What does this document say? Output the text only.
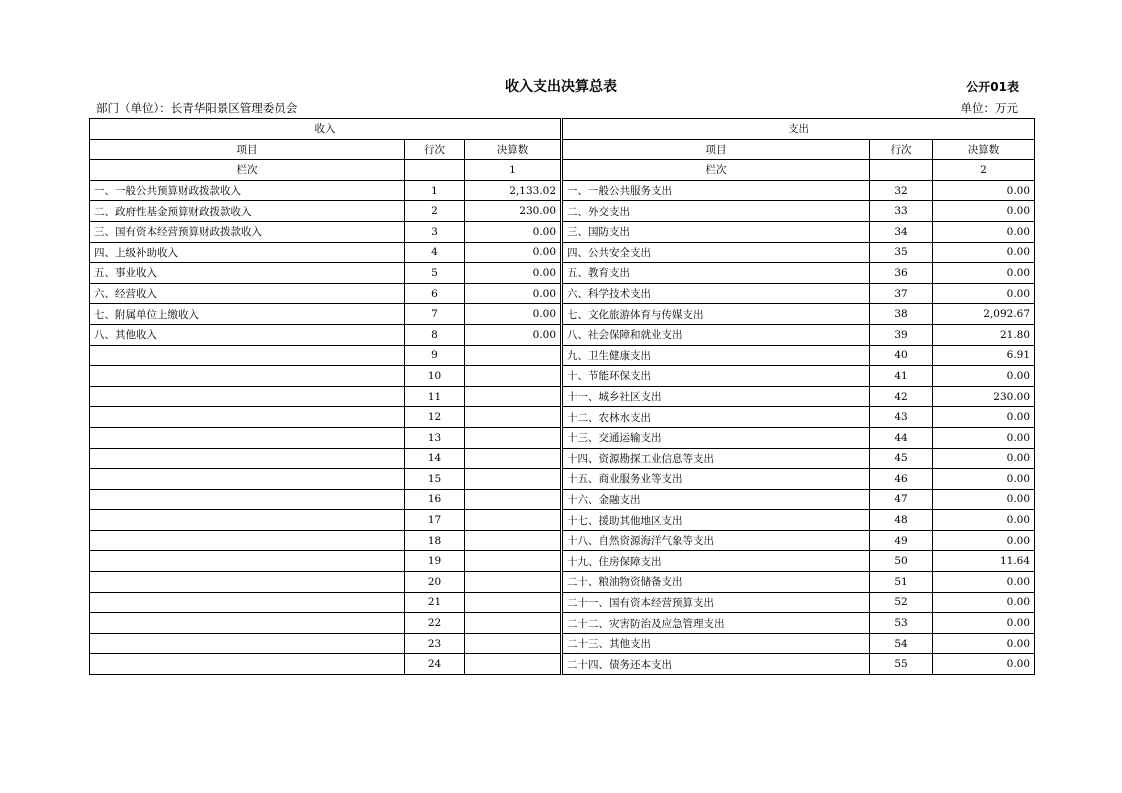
收入支出决算总表	公开01表
部门（单位）：长青华阳景区管理委员会	单位：万元
收入			支出		
项目	行次	决算数	项目	行次	决算数
栏次		1	栏次		2
一、一般公共预算财政拨款收入	1	2,133.02	一、一般公共服务支出	32	0.00
二、政府性基金预算财政拨款收入	2	230.00	二、外交支出	33	0.00
三、国有资本经营预算财政拨款收入	3	0.00	三、国防支出	34	0.00
四、上级补助收入	4	0.00	四、公共安全支出	35	0.00
五、事业收入	5	0.00	五、教育支出	36	0.00
六、经营收入	6	0.00	六、科学技术支出	37	0.00
七、附属单位上缴收入	7	0.00	七、文化旅游体育与传媒支出	38	2,092.67
八、其他收入	8	0.00	八、社会保障和就业支出	39	21.80
	9		九、卫生健康支出	40	6.91
	10		十、节能环保支出	41	0.00
	11		十一、城乡社区支出	42	230.00
	12		十二、农林水支出	43	0.00
	13		十三、交通运输支出	44	0.00
	14		十四、资源勘探工业信息等支出	45	0.00
	15		十五、商业服务业等支出	46	0.00
	16		十六、金融支出	47	0.00
	17		十七、援助其他地区支出	48	0.00
	18		十八、自然资源海洋气象等支出	49	0.00
	19		十九、住房保障支出	50	11.64
	20		二十、粮油物资储备支出	51	0.00
	21		二十一、国有资本经营预算支出	52	0.00
	22		二十二、灾害防治及应急管理支出	53	0.00
	23		二十三、其他支出	54	0.00
	24		二十四、债务还本支出	55	0.00
